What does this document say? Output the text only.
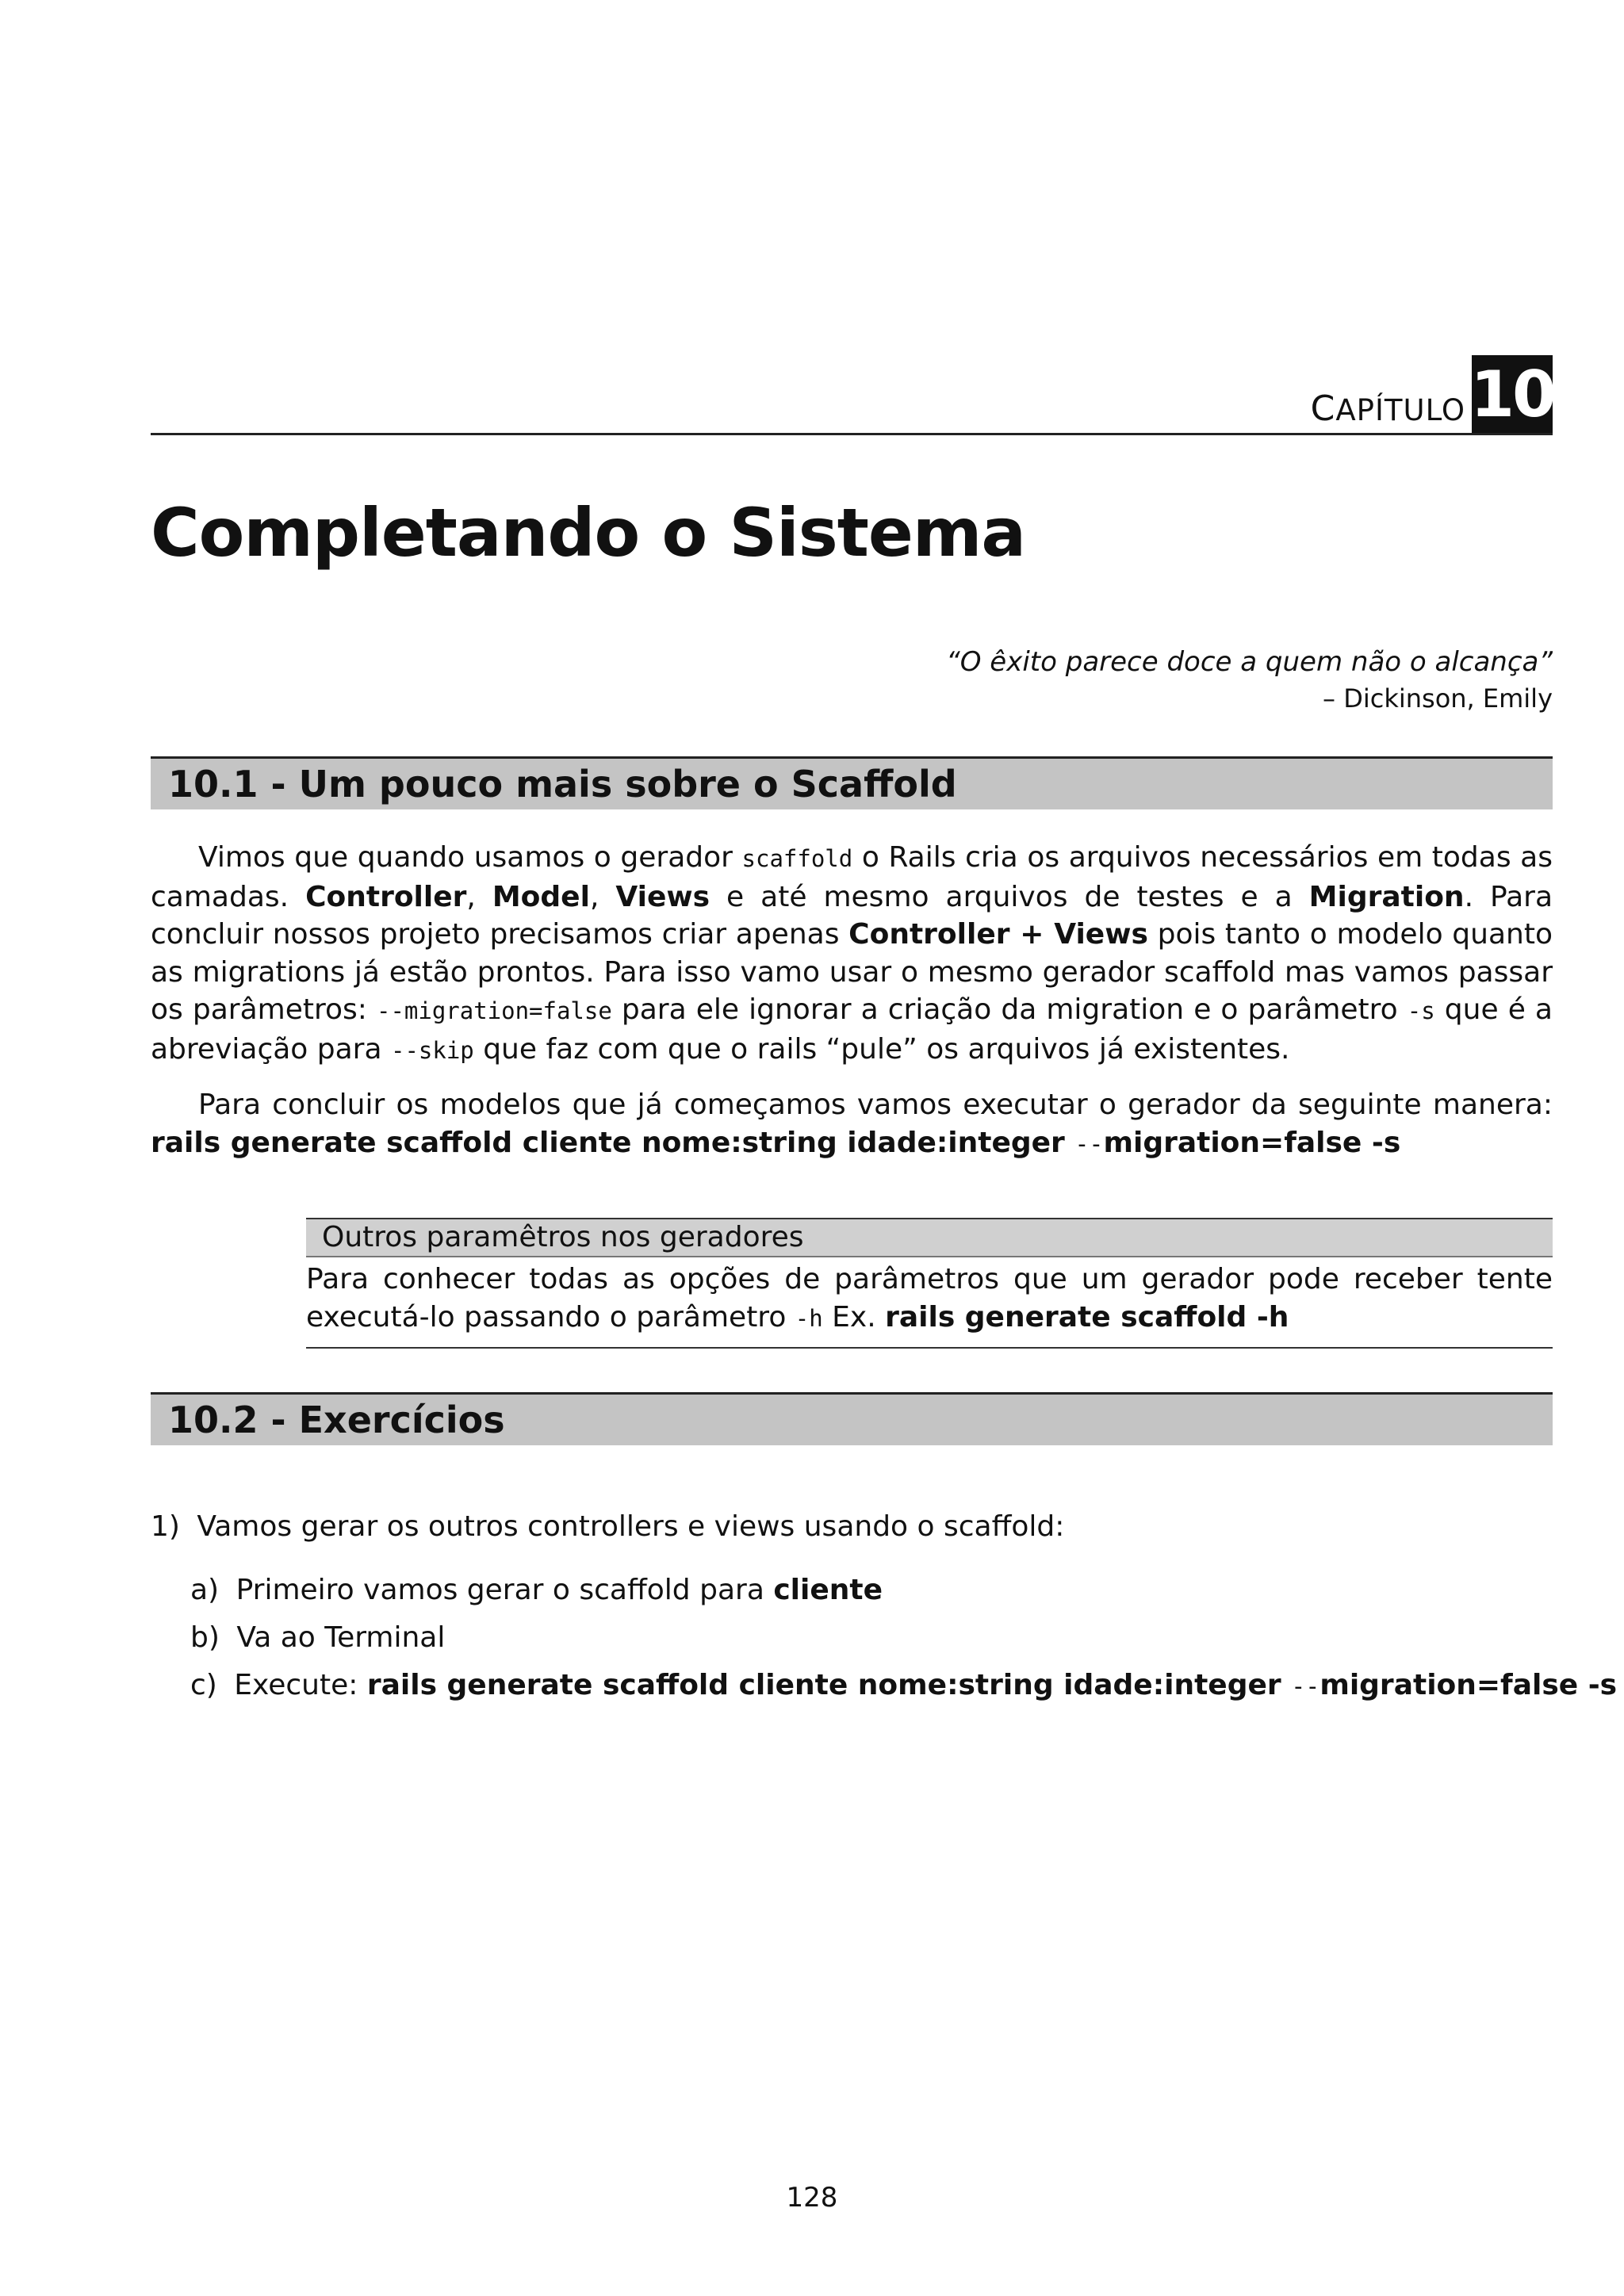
CAPÍTULO 10
Completando o Sistema
“O êxito parece doce a quem não o alcança”
– Dickinson, Emily
10.1 - Um pouco mais sobre o Scaffold

Vimos que quando usamos o gerador scaffold o Rails cria os arquivos necessários em todas as camadas. Controller, Model, Views e até mesmo arquivos de testes e a Migration. Para concluir nossos projeto precisamos criar apenas Controller + Views pois tanto o modelo quanto as migrations já estão prontos. Para isso vamo usar o mesmo gerador scaffold mas vamos passar os parâmetros: --migration=false para ele ignorar a criação da migration e o parâmetro -s que é a abreviação para --skip que faz com que o rails “pule” os arquivos já existentes.

Para concluir os modelos que já começamos vamos executar o gerador da seguinte manera: rails generate scaffold cliente nome:string idade:integer --migration=false -s

Outros paramêtros nos geradores
Para conhecer todas as opções de parâmetros que um gerador pode receber tente executá-lo passando o parâmetro -h Ex. rails generate scaffold -h
10.2 - Exercícios
1) Vamos gerar os outros controllers e views usando o scaffold:
a) Primeiro vamos gerar o scaffold para cliente
b) Va ao Terminal
c) Execute: rails generate scaffold cliente nome:string idade:integer --migration=false -s
128
